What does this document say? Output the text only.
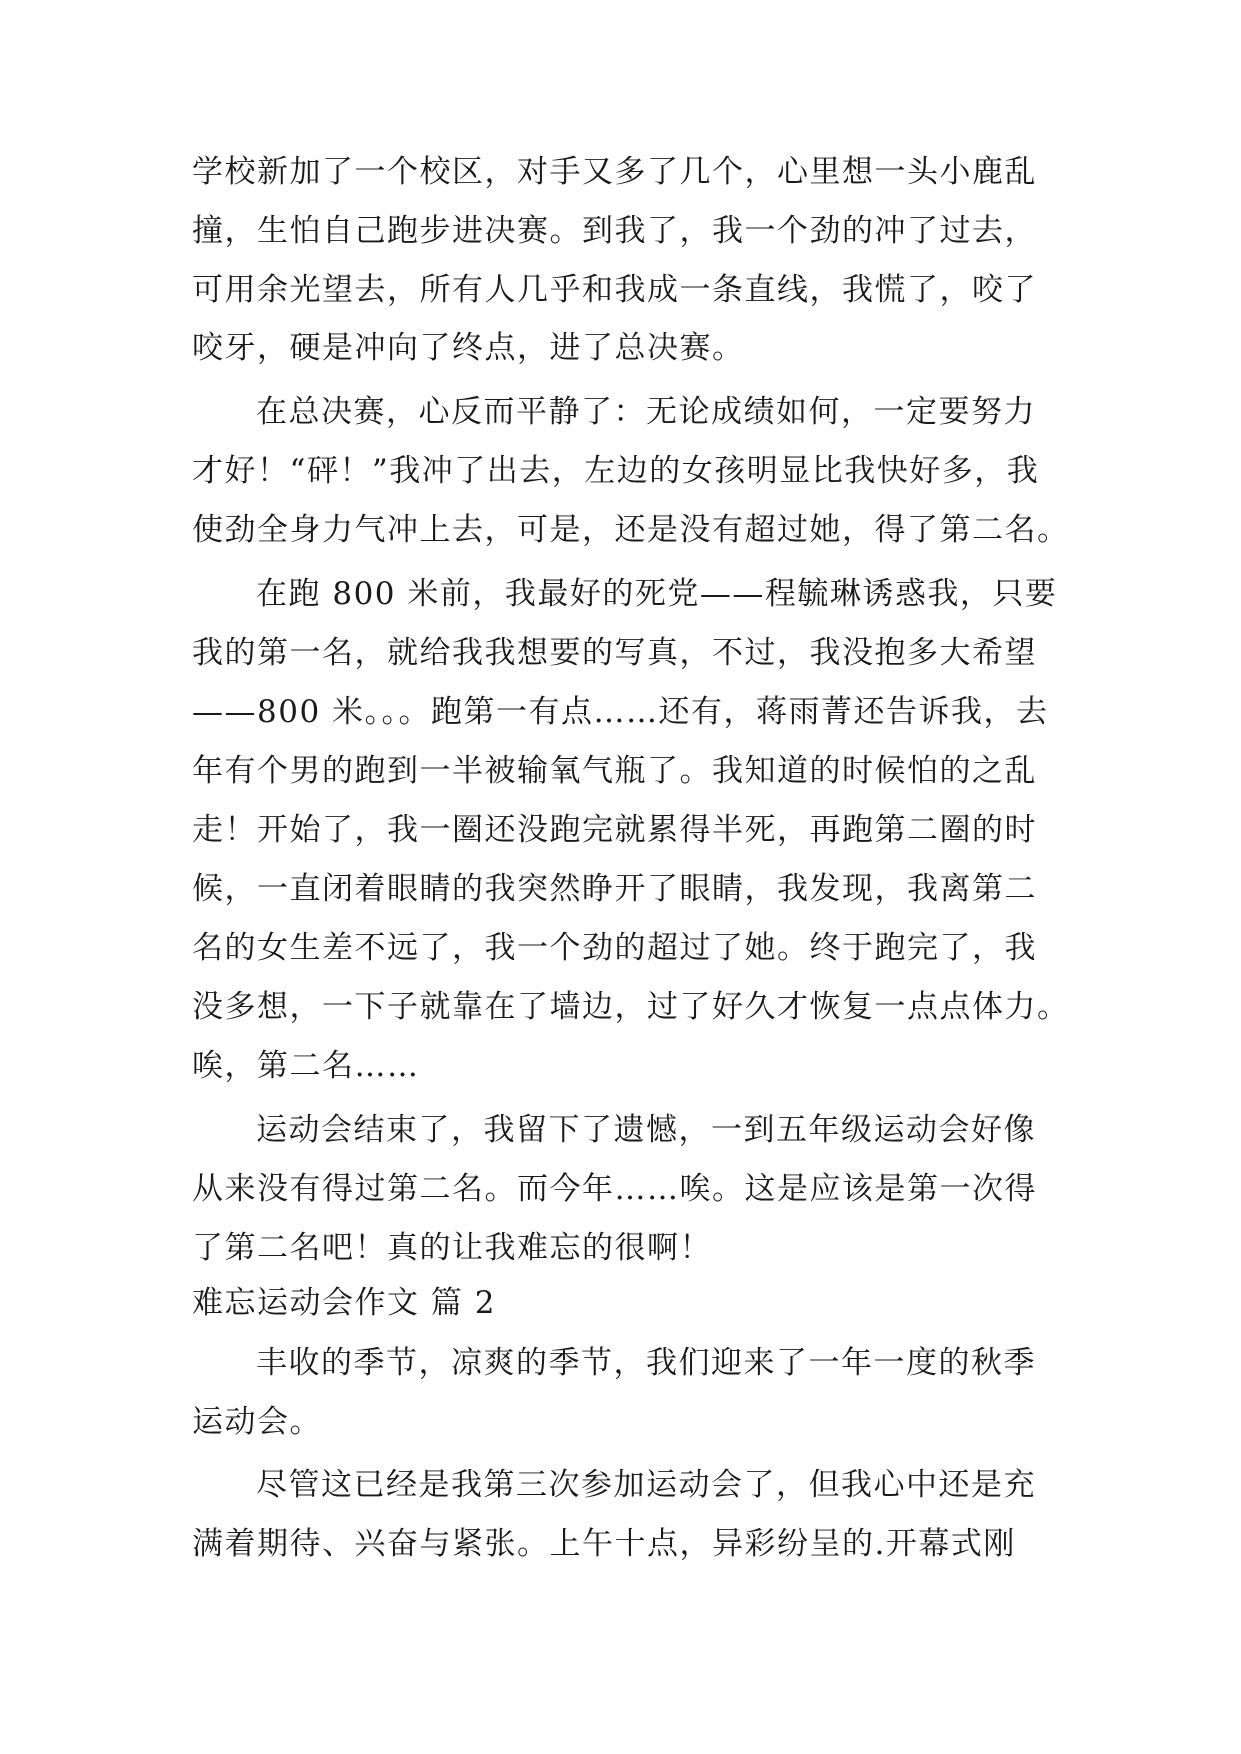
学校新加了一个校区，对手又多了几个，心里想一头小鹿乱
撞，生怕自己跑步进决赛。到我了，我一个劲的冲了过去，
可用余光望去，所有人几乎和我成一条直线，我慌了，咬了
咬牙，硬是冲向了终点，进了总决赛。
在总决赛，心反而平静了：无论成绩如何，一定要努力
才好！“砰！”我冲了出去，左边的女孩明显比我快好多，我
使劲全身力气冲上去，可是，还是没有超过她，得了第二名。
在跑 800 米前，我最好的死党——程毓琳诱惑我，只要
我的第一名，就给我我想要的写真，不过，我没抱多大希望
——800 米。。。跑第一有点……还有，蒋雨菁还告诉我，去
年有个男的跑到一半被输氧气瓶了。我知道的时候怕的之乱
走！开始了，我一圈还没跑完就累得半死，再跑第二圈的时
候，一直闭着眼睛的我突然睁开了眼睛，我发现，我离第二
名的女生差不远了，我一个劲的超过了她。终于跑完了，我
没多想，一下子就靠在了墙边，过了好久才恢复一点点体力。
唉，第二名……
运动会结束了，我留下了遗憾，一到五年级运动会好像
从来没有得过第二名。而今年……唉。这是应该是第一次得
了第二名吧！真的让我难忘的很啊！
难忘运动会作文 篇 2
丰收的季节，凉爽的季节，我们迎来了一年一度的秋季
运动会。
尽管这已经是我第三次参加运动会了，但我心中还是充
满着期待、兴奋与紧张。上午十点，异彩纷呈的.开幕式刚
